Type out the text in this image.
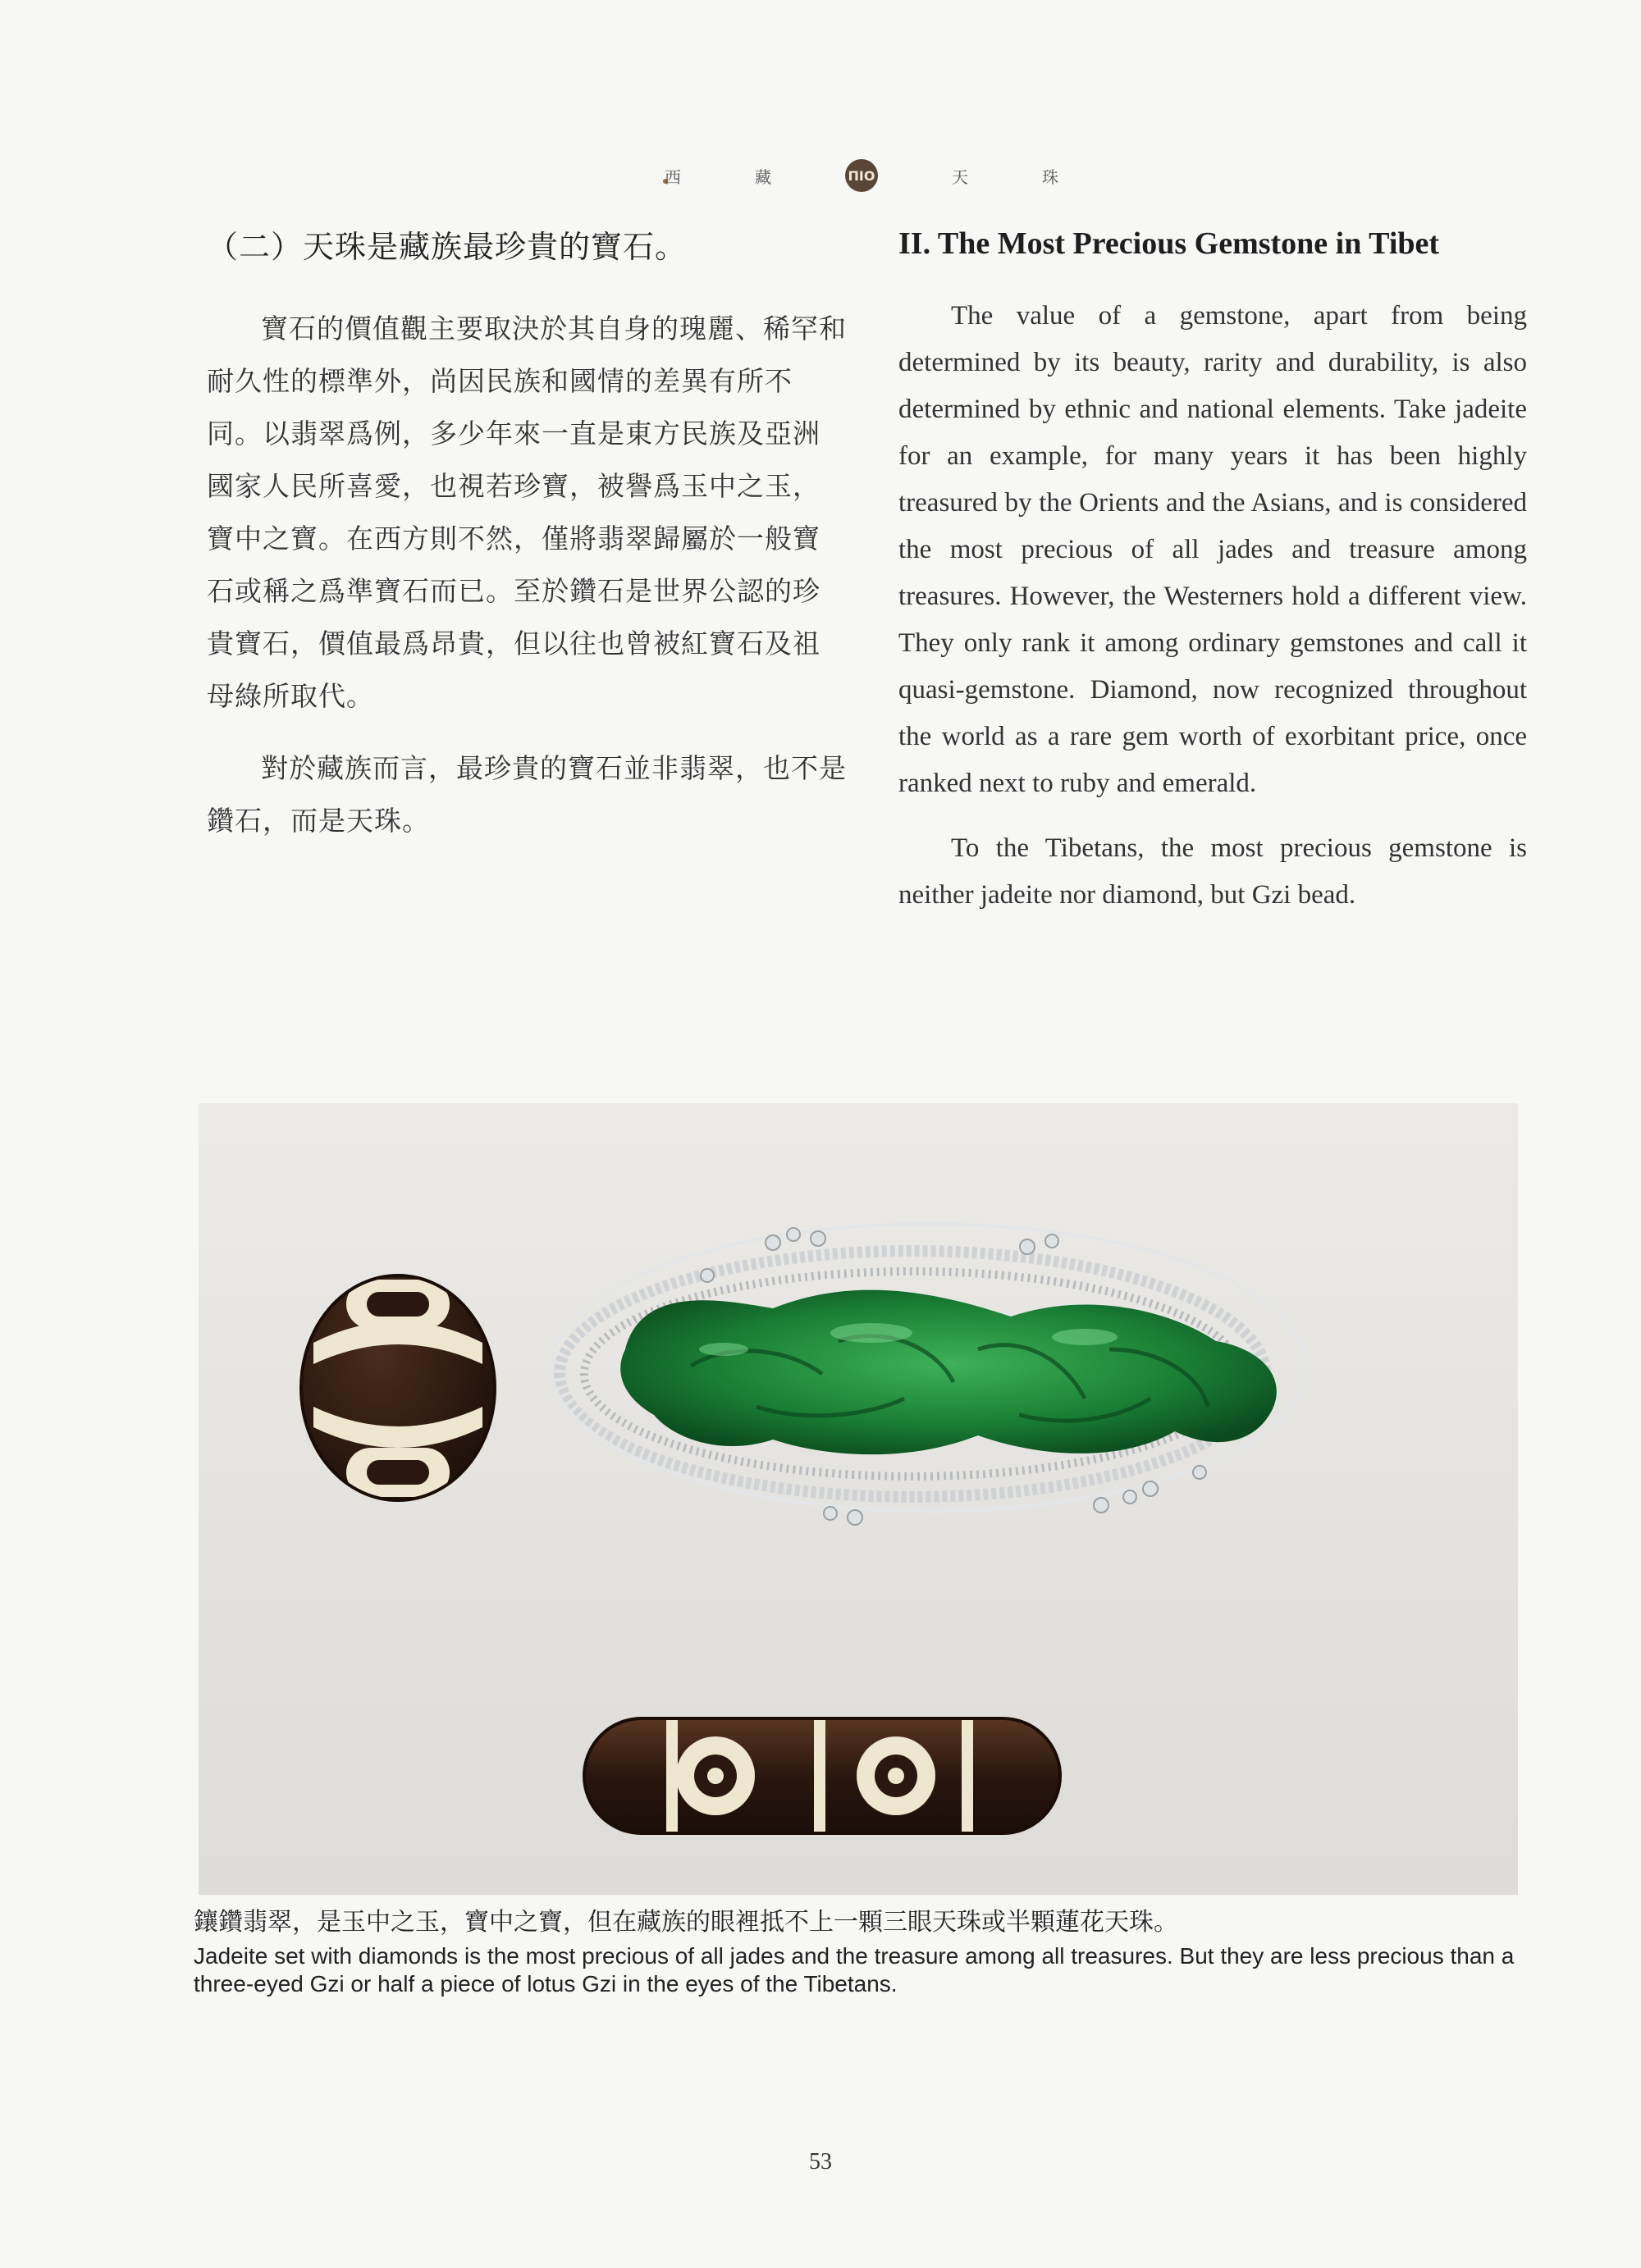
西	藏	ΠΙΟ	天	珠
（二）天珠是藏族最珍貴的寶石。

寶石的價值觀主要取決於其自身的瑰麗、稀罕和耐久性的標準外，尚因民族和國情的差異有所不同。以翡翠爲例，多少年來一直是東方民族及亞洲國家人民所喜愛，也視若珍寶，被譽爲玉中之玉，寶中之寶。在西方則不然，僅將翡翠歸屬於一般寶石或稱之爲準寶石而已。至於鑽石是世界公認的珍貴寶石，價值最爲昂貴，但以往也曾被紅寶石及祖母綠所取代。

對於藏族而言，最珍貴的寶石並非翡翠，也不是鑽石，而是天珠。

II. The Most Precious Gemstone in Tibet

The value of a gemstone, apart from being determined by its beauty, rarity and durability, is also determined by ethnic and national elements. Take jadeite for an example, for many years it has been highly treasured by the Orients and the Asians, and is considered the most precious of all jades and treasure among treasures. However, the Westerners hold a different view. They only rank it among ordinary gemstones and call it quasi-gemstone. Diamond, now recognized throughout the world as a rare gem worth of exorbitant price, once ranked next to ruby and emerald.

To the Tibetans, the most precious gemstone is neither jadeite nor diamond, but Gzi bead.

鑲鑽翡翠，是玉中之玉，寶中之寶，但在藏族的眼裡抵不上一顆三眼天珠或半顆蓮花天珠。
Jadeite set with diamonds is the most precious of all jades and the treasure among all treasures. But they are less precious than a three-eyed Gzi or half a piece of lotus Gzi in the eyes of the Tibetans.
53
